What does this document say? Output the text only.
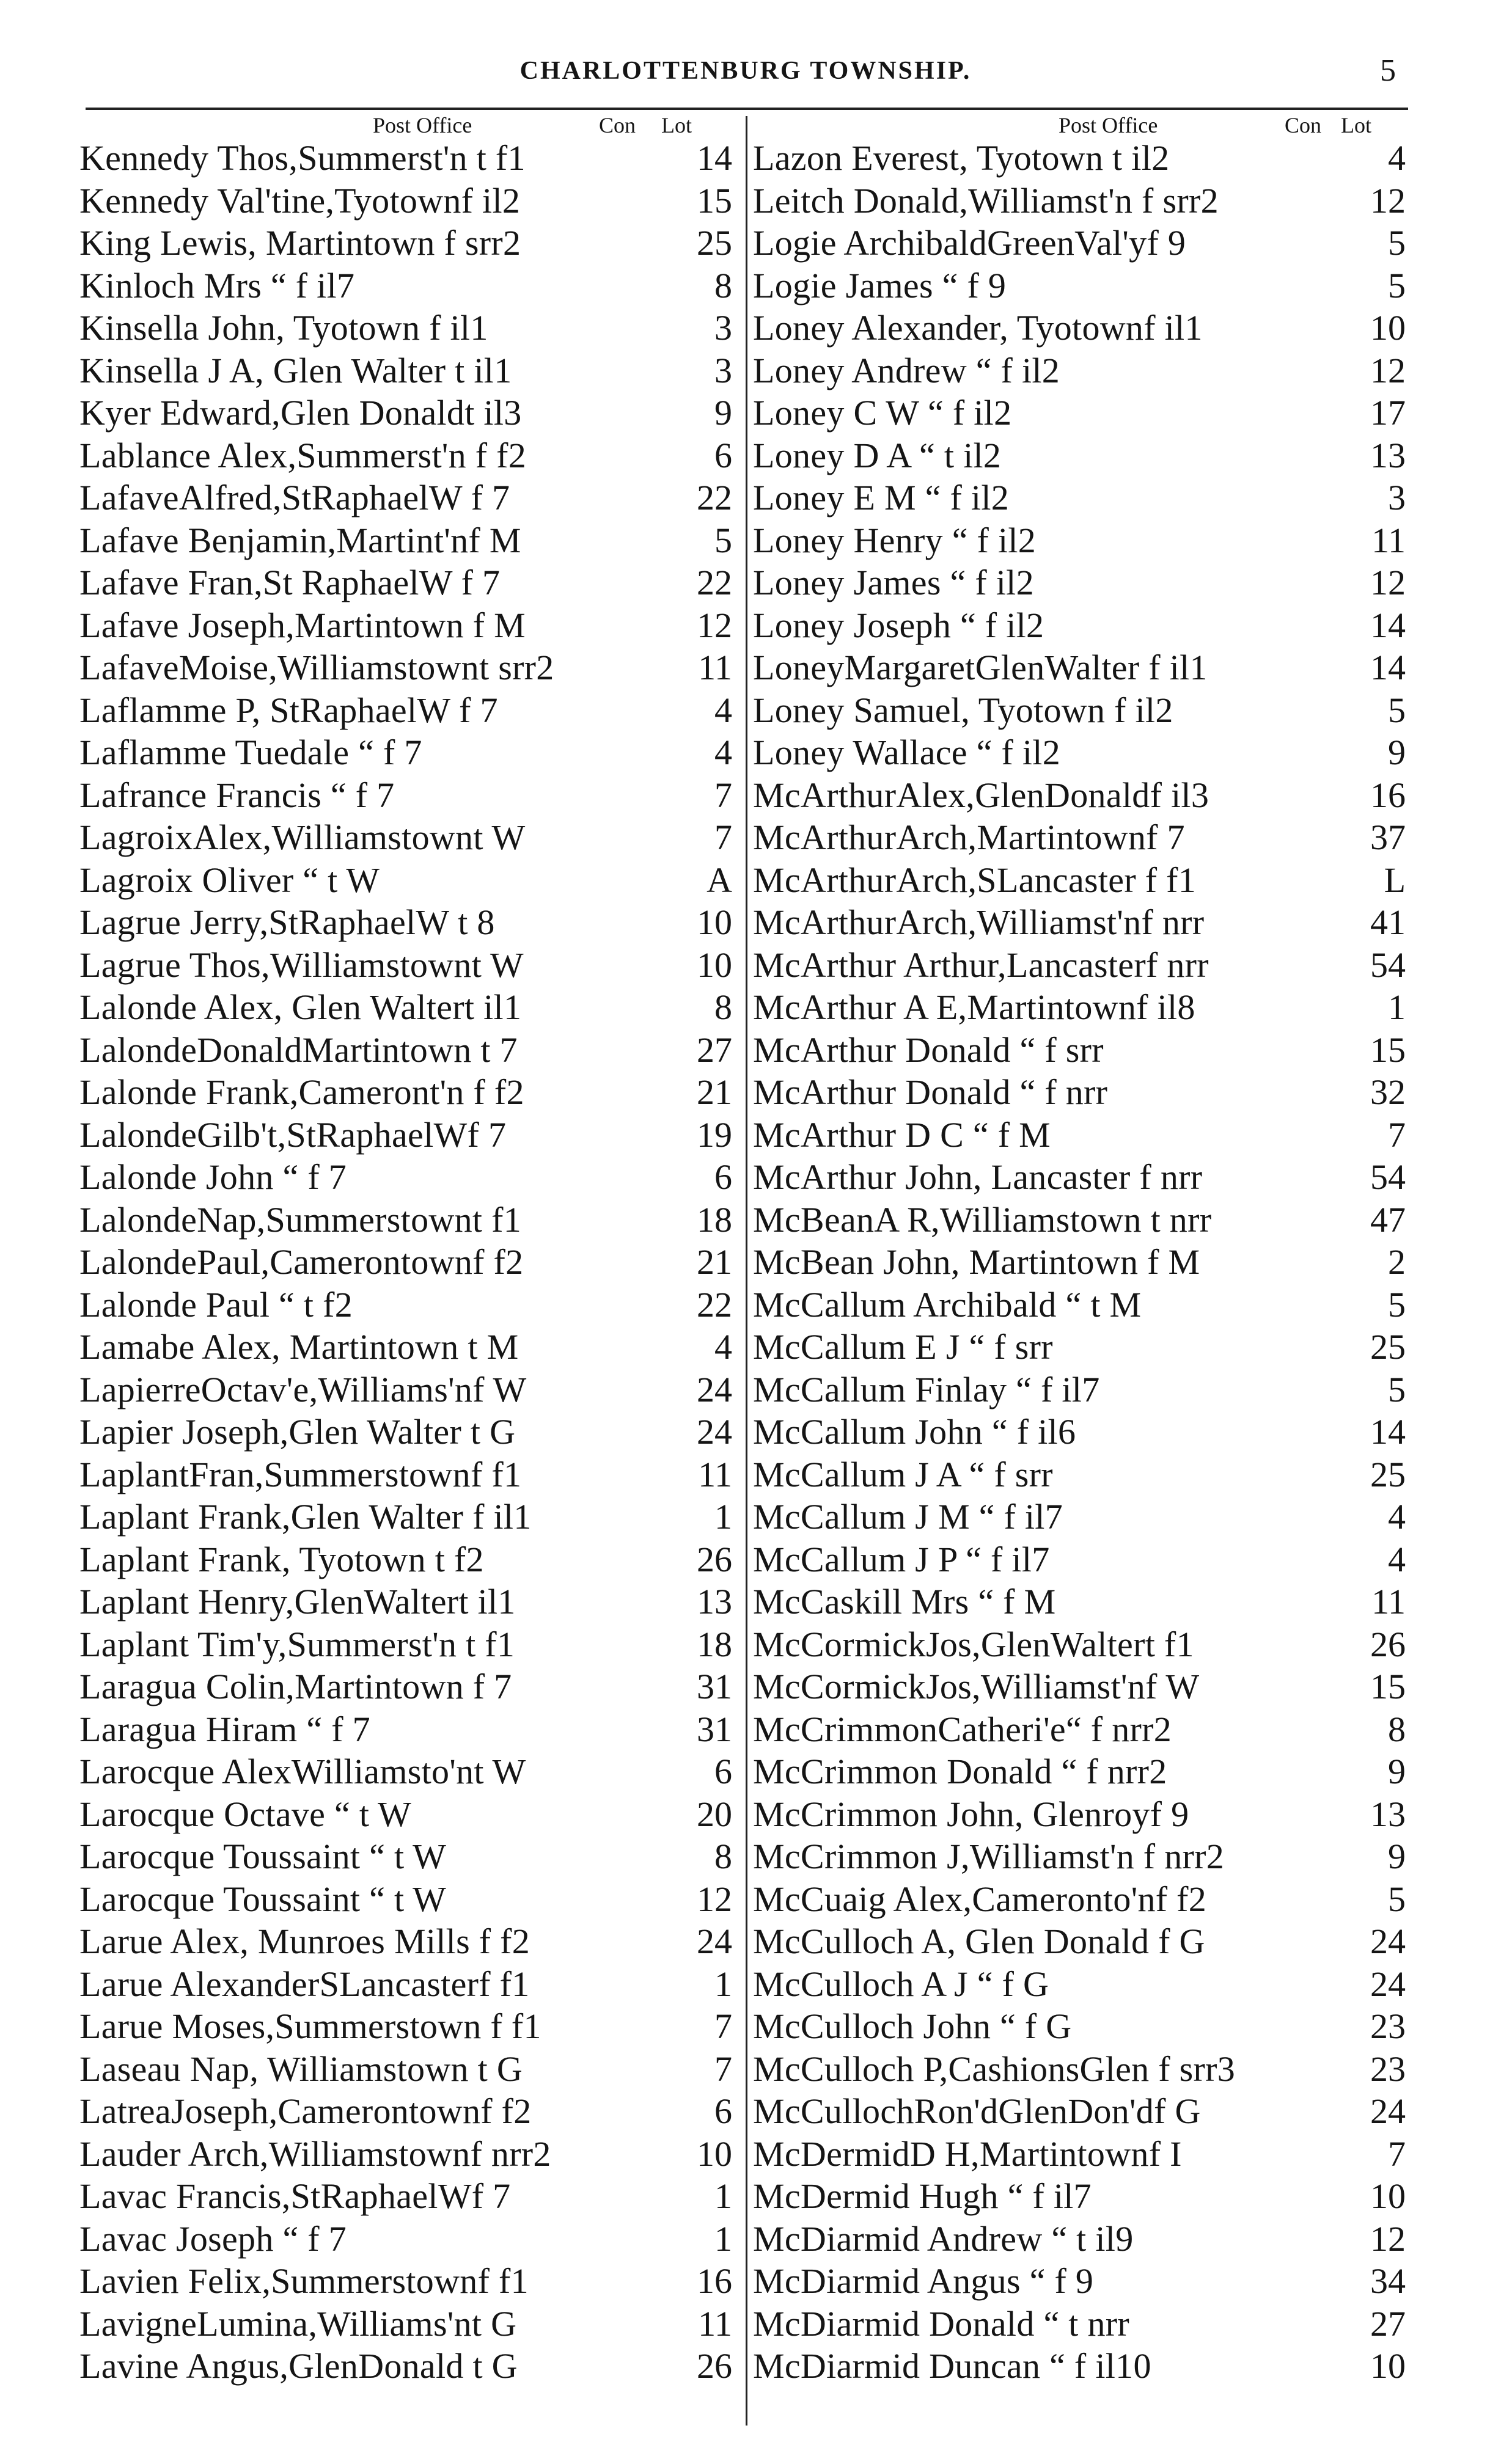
CHARLOTTENBURG TOWNSHIP.	5
Post Office	Con Lot
Kennedy Thos,Summerst'n t f1	14
Kennedy Val'tine,Tyotownf il2	15
King Lewis, Martintown f srr2	25
Kinloch Mrs “ f il7	8
Kinsella John, Tyotown f il1	3
Kinsella J A, Glen Walter t il1	3
Kyer Edward,Glen Donaldt il3	9
Lablance Alex,Summerst'n f f2	6
LafaveAlfred,StRaphaelW f 7	22
Lafave Benjamin,Martint'nf M	5
Lafave Fran,St RaphaelW f 7	22
Lafave Joseph,Martintown f M	12
LafaveMoise,Williamstownt srr2	11
Laflamme P, StRaphaelW f 7	4
Laflamme Tuedale “ f 7	4
Lafrance Francis “ f 7	7
LagroixAlex,Williamstownt W	7
Lagroix Oliver “ t W	A
Lagrue Jerry,StRaphaelW t 8	10
Lagrue Thos,Williamstownt W	10
Lalonde Alex, Glen Waltert il1	8
LalondeDonaldMartintown t 7	27
Lalonde Frank,Cameront'n f f2	21
LalondeGilb't,StRaphaelWf 7	19
Lalonde John “ f 7	6
LalondeNap,Summerstownt f1	18
LalondePaul,Camerontownf f2	21
Lalonde Paul “ t f2	22
Lamabe Alex, Martintown t M	4
LapierreOctav'e,Williams'nf W	24
Lapier Joseph,Glen Walter t G	24
LaplantFran,Summerstownf f1	11
Laplant Frank,Glen Walter f il1	1
Laplant Frank, Tyotown t f2	26
Laplant Henry,GlenWaltert il1	13
Laplant Tim'y,Summerst'n t f1	18
Laragua Colin,Martintown f 7	31
Laragua Hiram “ f 7	31
Larocque AlexWilliamsto'nt W	6
Larocque Octave “ t W	20
Larocque Toussaint “ t W	8
Larocque Toussaint “ t W	12
Larue Alex, Munroes Mills f f2	24
Larue AlexanderSLancasterf f1	1
Larue Moses,Summerstown f f1	7
Laseau Nap, Williamstown t G	7
LatreaJoseph,Camerontownf f2	6
Lauder Arch,Williamstownf nrr2	10
Lavac Francis,StRaphaelWf 7	1
Lavac Joseph “ f 7	1
Lavien Felix,Summerstownf f1	16
LavigneLumina,Williams'nt G	11
Lavine Angus,GlenDonald t G	26
Post Office	Con Lot
Lazon Everest, Tyotown t il2	4
Leitch Donald,Williamst'n f srr2	12
Logie ArchibaldGreenVal'yf 9	5
Logie James “ f 9	5
Loney Alexander, Tyotownf il1	10
Loney Andrew “ f il2	12
Loney C W “ f il2	17
Loney D A “ t il2	13
Loney E M “ f il2	3
Loney Henry “ f il2	11
Loney James “ f il2	12
Loney Joseph “ f il2	14
LoneyMargaretGlenWalter f il1	14
Loney Samuel, Tyotown f il2	5
Loney Wallace “ f il2	9
McArthurAlex,GlenDonaldf il3	16
McArthurArch,Martintownf 7	37
McArthurArch,SLancaster f f1	L
McArthurArch,Williamst'nf nrr	41
McArthur Arthur,Lancasterf nrr	54
McArthur A E,Martintownf il8	1
McArthur Donald “ f srr	15
McArthur Donald “ f nrr	32
McArthur D C “ f M	7
McArthur John, Lancaster f nrr	54
McBeanA R,Williamstown t nrr	47
McBean John, Martintown f M	2
McCallum Archibald “ t M	5
McCallum E J “ f srr	25
McCallum Finlay “ f il7	5
McCallum John “ f il6	14
McCallum J A “ f srr	25
McCallum J M “ f il7	4
McCallum J P “ f il7	4
McCaskill Mrs “ f M	11
McCormickJos,GlenWaltert f1	26
McCormickJos,Williamst'nf W	15
McCrimmonCatheri'e“ f nrr2	8
McCrimmon Donald “ f nrr2	9
McCrimmon John, Glenroyf 9	13
McCrimmon J,Williamst'n f nrr2	9
McCuaig Alex,Cameronto'nf f2	5
McCulloch A, Glen Donald f G	24
McCulloch A J “ f G	24
McCulloch John “ f G	23
McCulloch P,CashionsGlen f srr3	23
McCullochRon'dGlenDon'df G	24
McDermidD H,Martintownf I	7
McDermid Hugh “ f il7	10
McDiarmid Andrew “ t il9	12
McDiarmid Angus “ f 9	34
McDiarmid Donald “ t nrr	27
McDiarmid Duncan “ f il10	10
